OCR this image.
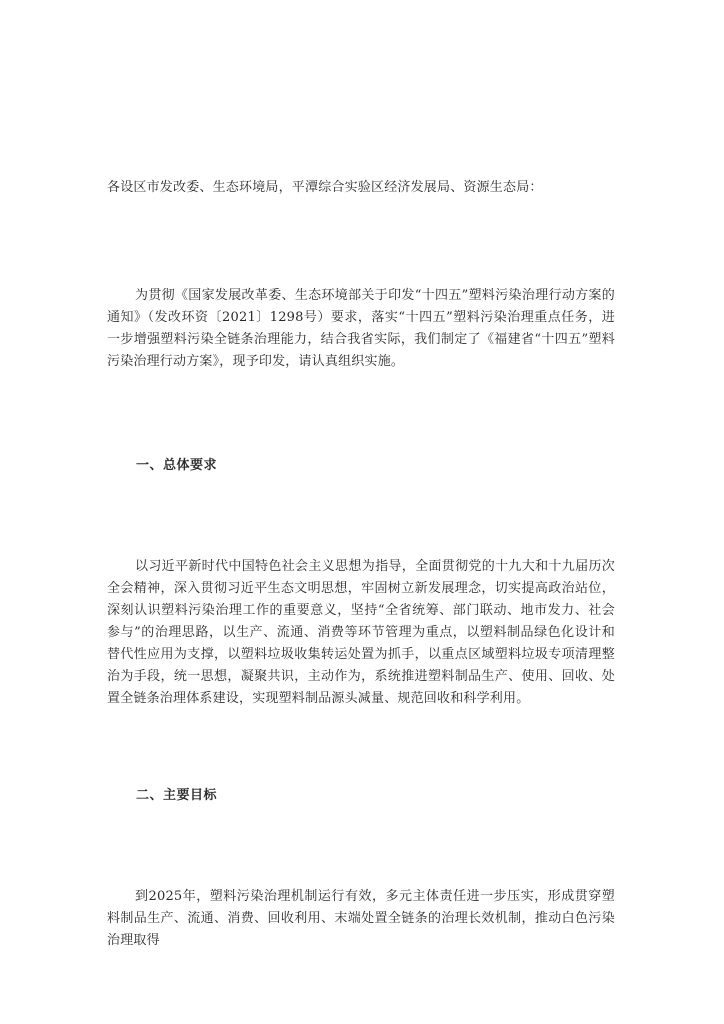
各设区市发改委、生态环境局，平潭综合实验区经济发展局、资源生态局：

为贯彻《国家发展改革委、生态环境部关于印发“十四五”塑料污染治理行动方案的通知》（发改环资〔2021〕1298号）要求，落实“十四五”塑料污染治理重点任务，进一步增强塑料污染全链条治理能力，结合我省实际，我们制定了《福建省“十四五”塑料污染治理行动方案》，现予印发，请认真组织实施。

一、总体要求

以习近平新时代中国特色社会主义思想为指导，全面贯彻党的十九大和十九届历次全会精神，深入贯彻习近平生态文明思想，牢固树立新发展理念，切实提高政治站位，深刻认识塑料污染治理工作的重要意义，坚持“全省统筹、部门联动、地市发力、社会参与”的治理思路，以生产、流通、消费等环节管理为重点，以塑料制品绿色化设计和替代性应用为支撑，以塑料垃圾收集转运处置为抓手，以重点区域塑料垃圾专项清理整治为手段，统一思想，凝聚共识，主动作为，系统推进塑料制品生产、使用、回收、处置全链条治理体系建设，实现塑料制品源头减量、规范回收和科学利用。

二、主要目标

到2025年，塑料污染治理机制运行有效，多元主体责任进一步压实，形成贯穿塑料制品生产、流通、消费、回收利用、末端处置全链条的治理长效机制，推动白色污染治理取得
